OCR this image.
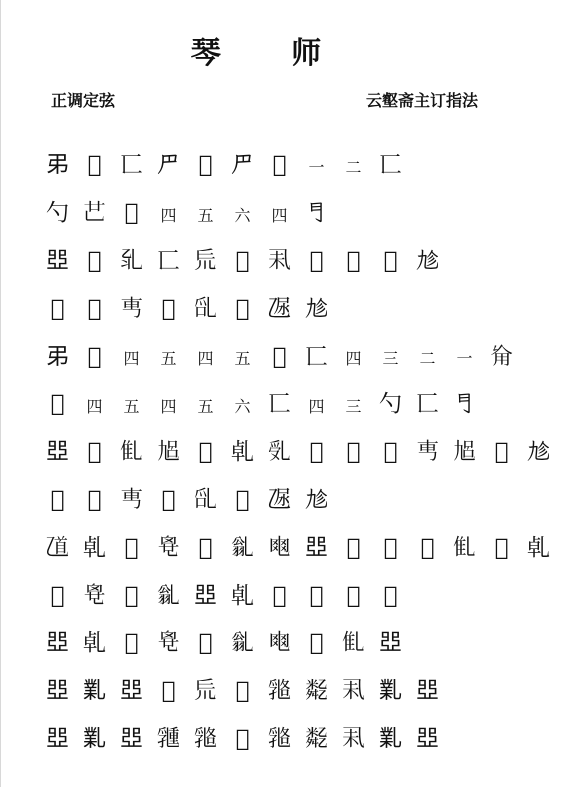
琴 师
正调定弦	云壑斋主订指法
𢎨 𠡠 匸 𠃜 𠃝 𠃜 𠃝	一	二 匸
勺 𠃟 𠃝	四	五	六	四 𠃛
𠁁 𠃢 𠃡 匸 𠃤 𠃣 𠃥 𠃦	𠃧	𠃨 𠃩
𠃪	𠃧 𠃫 𠃬 𠃭 𠃝 𠃮 𠃩
𢎨 𠃝	四	五	四	五 𠃯 匸	四	三	二	一 𠃰
𠃱	四	五	四	五	六 匸	四	三 勺 匸 𠃛
𠁁 𠃧 𠃲 𠃳 𠃴 𠃵 𠃶 𠃷	𠃸	𠃹 𠃫 𠃳 𠃨 𠃩
𠃪	𠃧 𠃫 𠃬 𠃭 𠃝 𠃮 𠃩
𠃺 𠃵 𠃻 𠃼 𠃣 𠃽 𠃾 𠁁 𠃿	𠄀	𠃣 𠃲 𠄁 𠃵
𠃻 𠃼 𠃣 𠃽 𠁁 𠃵 𠄂	𠃣	𠄃	𠄀
𠁁 𠃵 𠃻 𠃼 𠃣 𠃽 𠃾 𠄄 𠃲 𠁁
𠁁 𠄅 𠁁 𠃢 𠃤 𠄆 𠄇 𠄈 𠃥 𠄅 𠁁
𠁁 𠄅 𠁁 𠄉 𠄇 𠄆 𠄇 𠄈 𠃥 𠄅 𠁁
